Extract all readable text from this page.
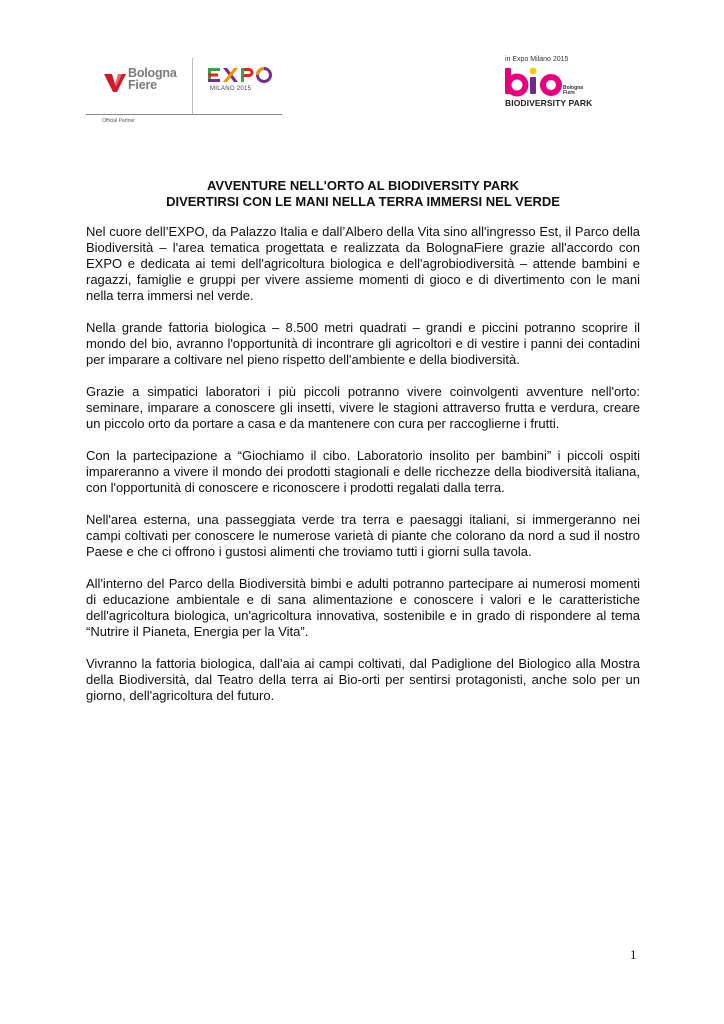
Bologna
Fiere	MILANO 2015
Official Partner
in Expo Milano 2015
Bologna
Fiere
BIODIVERSITY PARK
AVVENTURE NELL'ORTO AL BIODIVERSITY PARK
DIVERTIRSI CON LE MANI NELLA TERRA IMMERSI NEL VERDE

Nel cuore dell’EXPO, da Palazzo Italia e dall’Albero della Vita sino all'ingresso Est, il Parco della Biodiversità – l'area tematica progettata e realizzata da BolognaFiere grazie all'accordo con EXPO e dedicata ai temi dell'agricoltura biologica e dell'agrobiodiversità – attende bambini e ragazzi, famiglie e gruppi per vivere assieme momenti di gioco e di divertimento con le mani nella terra immersi nel verde.

Nella grande fattoria biologica – 8.500 metri quadrati – grandi e piccini potranno scoprire il mondo del bio, avranno l'opportunità di incontrare gli agricoltori e di vestire i panni dei contadini per imparare a coltivare nel pieno rispetto dell'ambiente e della biodiversità.

Grazie a simpatici laboratori i più piccoli potranno vivere coinvolgenti avventure nell'orto: seminare, imparare a conoscere gli insetti, vivere le stagioni attraverso frutta e verdura, creare un piccolo orto da portare a casa e da mantenere con cura per raccoglierne i frutti.

Con la partecipazione a “Giochiamo il cibo. Laboratorio insolito per bambini” i piccoli ospiti impareranno a vivere il mondo dei prodotti stagionali e delle ricchezze della biodiversità italiana, con l'opportunità di conoscere e riconoscere i prodotti regalati dalla terra.

Nell'area esterna, una passeggiata verde tra terra e paesaggi italiani, si immergeranno nei campi coltivati per conoscere le numerose varietà di piante che colorano da nord a sud il nostro Paese e che ci offrono i gustosi alimenti che troviamo tutti i giorni sulla tavola.

All'interno del Parco della Biodiversità bimbi e adulti potranno partecipare ai numerosi momenti di educazione ambientale e di sana alimentazione e conoscere i valori e le caratteristiche dell'agricoltura biologica, un'agricoltura innovativa, sostenibile e in grado di rispondere al tema “Nutrire il Pianeta, Energia per la Vita”.

Vivranno la fattoria biologica, dall'aia ai campi coltivati, dal Padiglione del Biologico alla Mostra della Biodiversità, dal Teatro della terra ai Bio-orti per sentirsi protagonisti, anche solo per un giorno, dell'agricoltura del futuro.

1
